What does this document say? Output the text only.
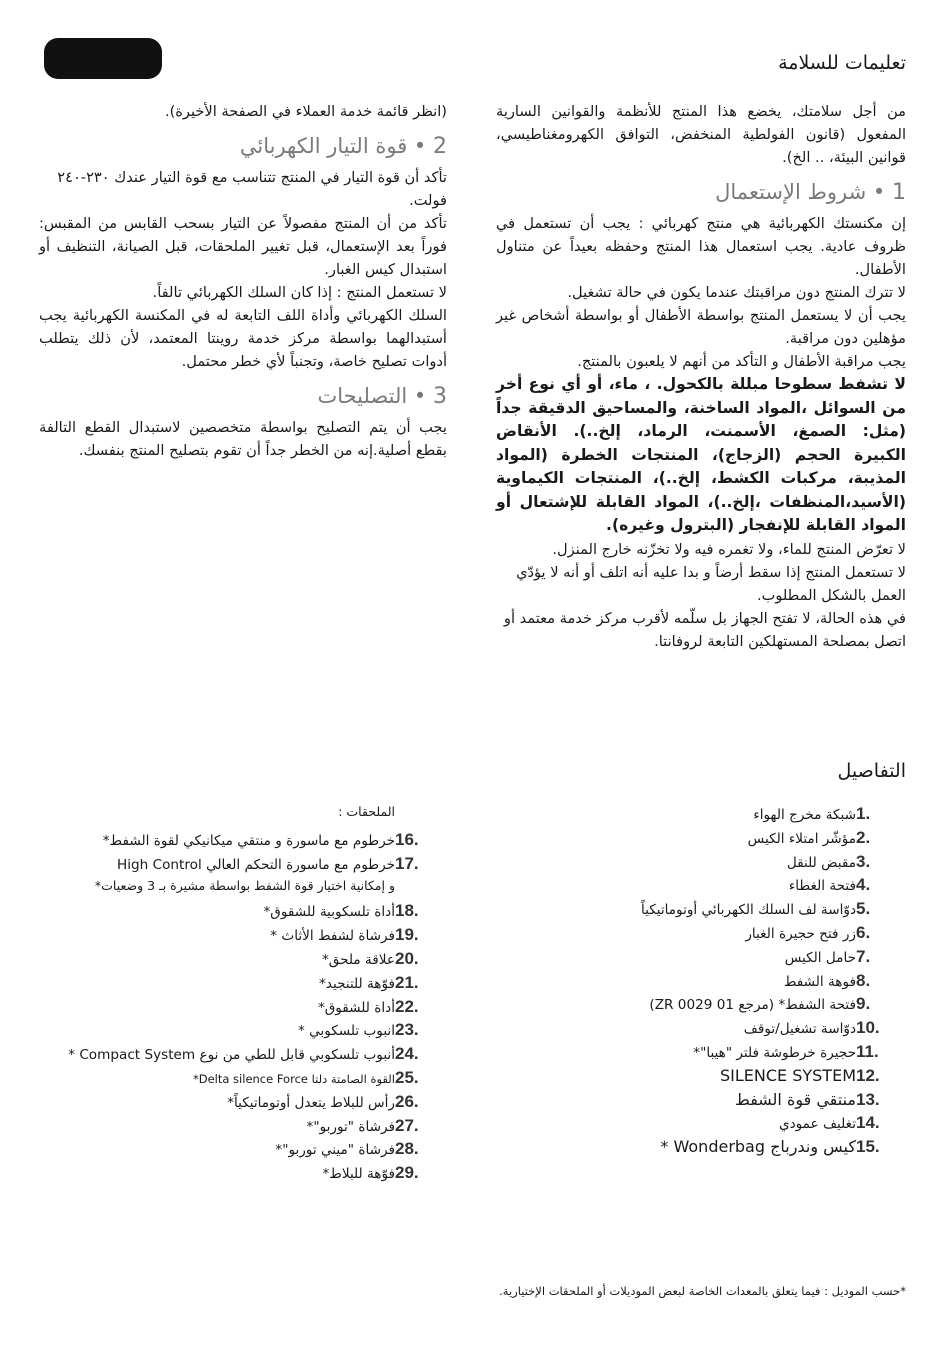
تعليمات للسلامة

من أجل سلامتك، يخضع هذا المنتج للأنظمة والقوانين السارية المفعول (قانون الفولطية المنخفض، التوافق الكهرومغناطيسي، قوانين البيئة، .. الخ).

1 • شروط الإستعمال

إن مكنستك الكهربائية هي منتج كهربائي : يجب أن تستعمل في ظروف عادية. يجب استعمال هذا المنتج وحفظه بعيداً عن متناول الأطفال.

لا تترك المنتج دون مراقبتك عندما يكون في حالة تشغيل.

يجب أن لا يستعمل المنتج بواسطة الأطفال أو بواسطة أشخاص غير مؤهلين دون مراقبة.

يجب مراقبة الأطفال و التأكد من أنهم لا يلعبون بالمنتج.

لا تشفط سطوحا مبللة بالكحول. ، ماء، أو أي نوع أخر من السوائل ،المواد الساخنة، والمساحيق الدقيقة جداً (مثل: الصمغ، الأسمنت، الرماد، إلخ..). الأنقاض الكبيرة الحجم (الزجاج)، المنتجات الخطرة (المواد المذيبة، مركبات الكشط، إلخ..)، المنتجات الكيماوية (الأسيد،المنظفات ،إلخ..)، المواد القابلة للإشتعال أو المواد القابلة للإنفجار (البترول وغيره).

لا تعرّض المنتج للماء، ولا تغمره فيه ولا تخزّنه خارج المنزل.

لا تستعمل المنتج إذا سقط أرضاً و بدا عليه أنه اتلف أو أنه لا يؤدّي العمل بالشكل المطلوب.

في هذه الحالة، لا تفتح الجهاز بل سلّمه لأقرب مركز خدمة معتمد أو اتصل بمصلحة المستهلكين التابعة لروفانتا.

(انظر قائمة خدمة العملاء في الصفحة الأخيرة).

2 • قوة التيار الكهربائي

تأكد أن قوة التيار في المنتج تتناسب مع قوة التيار عندك ٢٣٠-٢٤٠ فولت.

تأكد من أن المنتج مفصولاً عن التيار بسحب القابس من المقبس: فوراً بعد الإستعمال، قبل تغيير الملحقات، قبل الصيانة، التنظيف أو استبدال كيس الغبار.

لا تستعمل المنتج : إذا كان السلك الكهربائي تالفاً.

السلك الكهربائي وأداة اللف التابعة له في المكنسة الكهربائية يجب أستبدالهما بواسطة مركز خدمة روينتا المعتمد، لأن ذلك يتطلب أدوات تصليح خاصة، وتجنباً لأي خطر محتمل.

3 • التصليحات

يجب أن يتم التصليح بواسطة متخصصين لاستبدال القطع التالفة بقطع أصلية.إنه من الخطر جداً أن تقوم بتصليح المنتج بنفسك.

التفاصيل
1.
شبكة مخرج الهواء
2.
مؤشّر امتلاء الكيس
3.
مقبض للنقل
4.
فتحة الغطاء
5.
دوّاسة لف السلك الكهربائي أوتوماتيكياً
6.
زر فتح حجيرة الغبار
7.
حامل الكيس
8.
فوهة الشفط
9.
فتحة الشفط* (مرجع ZR 0029 01)
10.
دوّاسة تشغيل/توقف
11.
حجيرة خرطوشة فلتر "هيبا"*
12.
SILENCE SYSTEM
13.
منتقي قوة الشفط
14.
تغليف عمودي
15.
كيس وندرباج Wonderbag *
الملحقات :
16.
خرطوم مع ماسورة و منتقي ميكانيكي لقوة الشفط*
17.
خرطوم مع ماسورة التحكم العالي High Control
و إمكانية اختيار قوة الشفط بواسطة مشيرة بـ 3 وضعيات*
18.
أداة تلسكوبية للشقوق*
19.
فرشاة لشفط الأثاث *
20.
علاقة ملحق*
21.
فوّهة للتنجيد*
22.
أداة للشقوق*
23.
انبوب تلسكوبي *
24.
أنبوب تلسكوبي قابل للطي من نوع Compact System *
25.
القوة الصامتة دلتا Delta silence Force*
26.
رأس للبلاط يتعدل أوتوماتيكياً*
27.
فرشاة "توربو"*
28.
فرشاة "ميني توربو"*
29.
فوّهة للبلاط*
*حسب الموديل : فيما يتعلق بالمعدات الخاصة لبعض الموديلات أو الملحقات الإختيارية.
